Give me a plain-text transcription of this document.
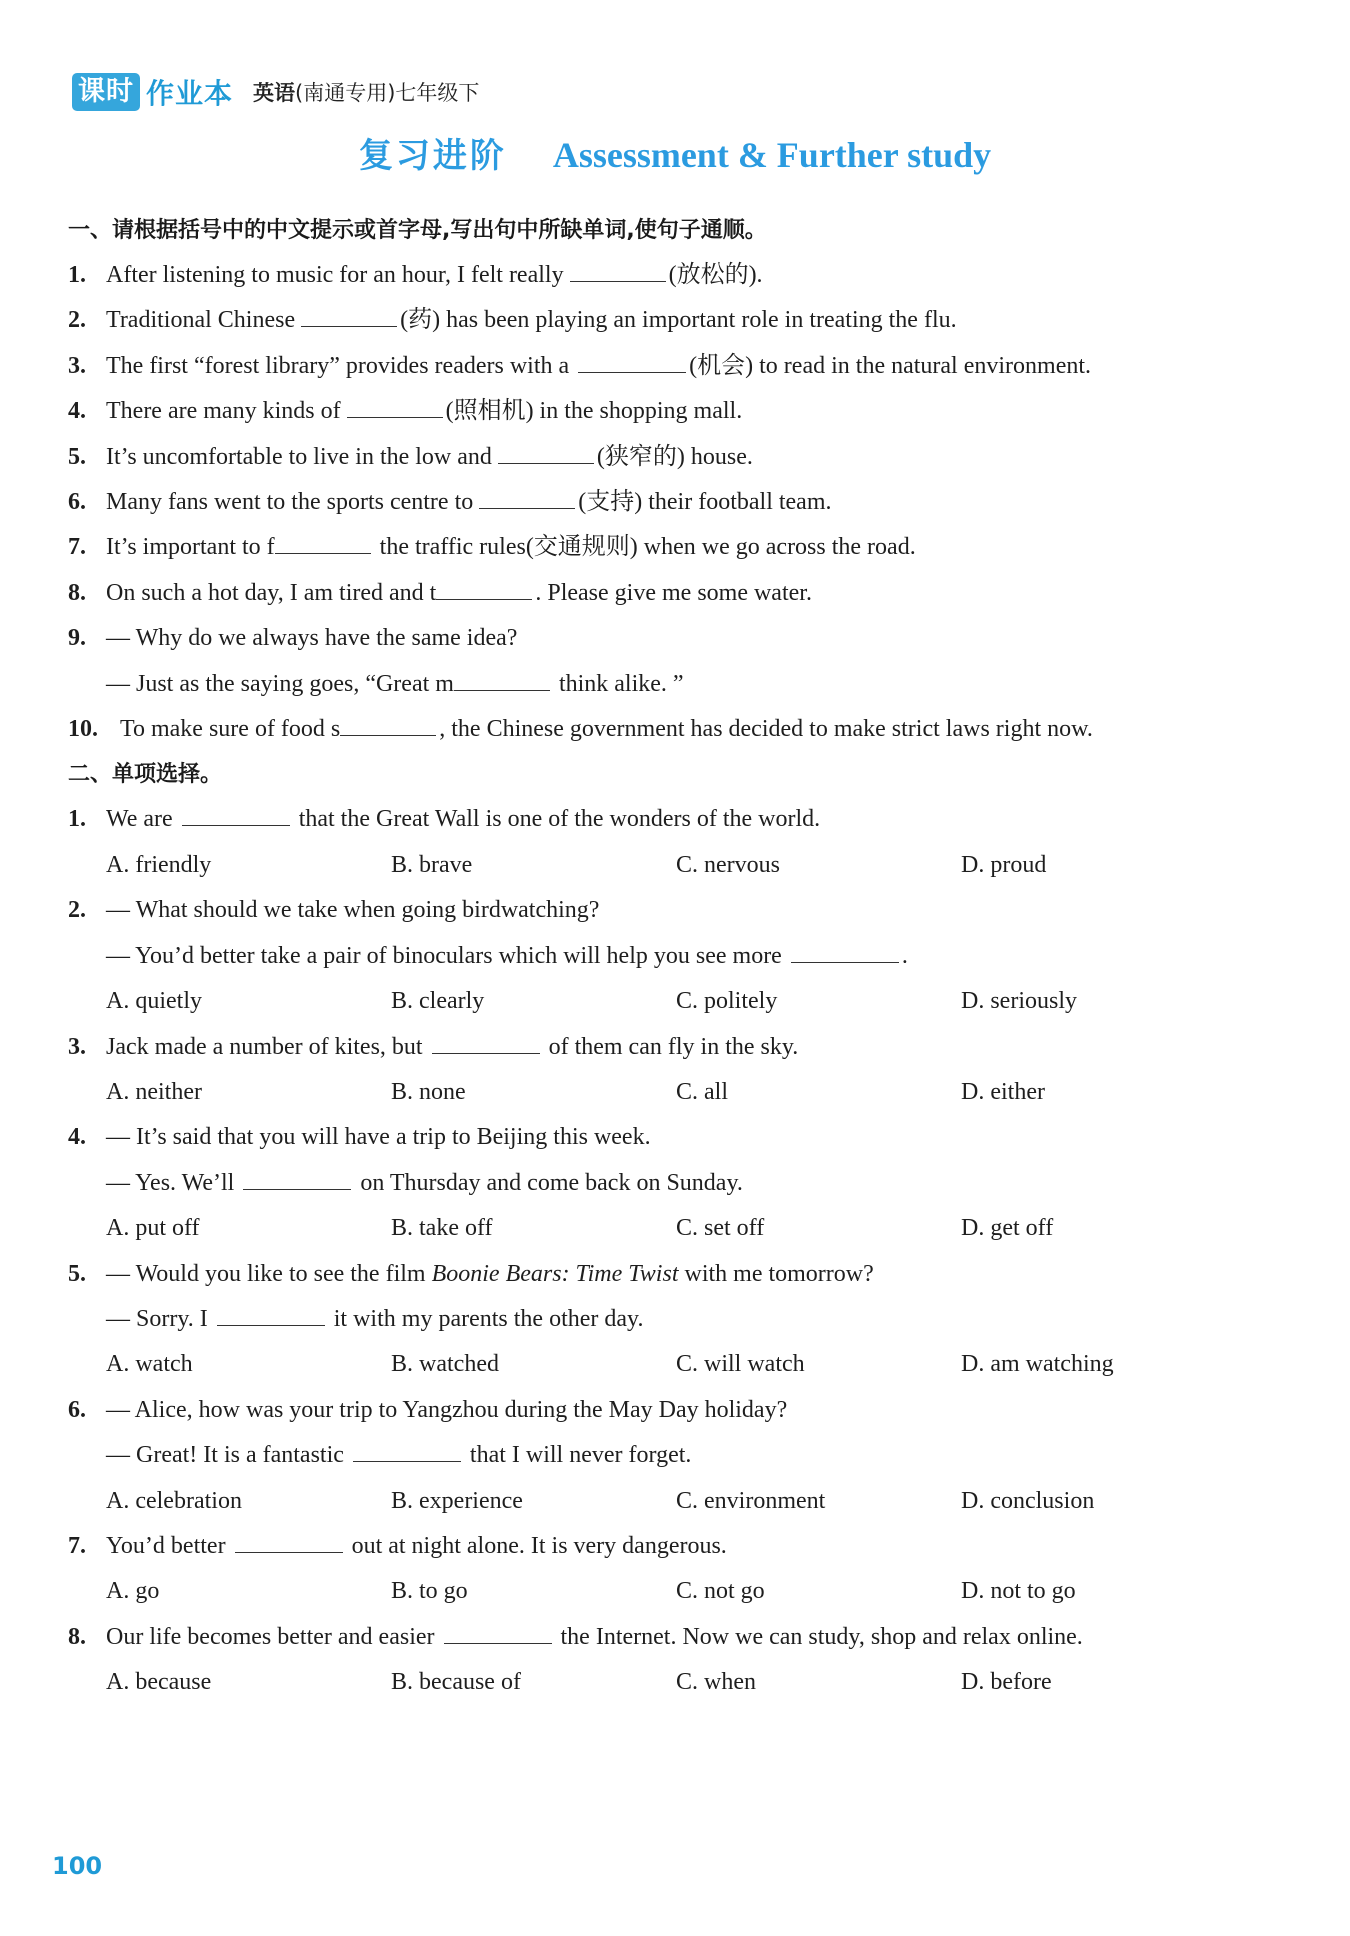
课时 作业本 英语(南通专用)七年级下
复习进阶 Assessment & Further study
一、请根据括号中的中文提示或首字母,写出句中所缺单词,使句子通顺。
1. After listening to music for an hour, I felt really	(放松的).
2. Traditional Chinese	(药) has been playing an important role in treating the flu.
3. The first “forest library” provides readers with a	(机会) to read in the natural environment.
4. There are many kinds of	(照相机) in the shopping mall.
5. It’s uncomfortable to live in the low and	(狭窄的) house.
6. Many fans went to the sports centre to	(支持) their football team.
7. It’s important to f	the traffic rules(交通规则) when we go across the road.
8. On such a hot day, I am tired and t	. Please give me some water.
9. — Why do we always have the same idea?
— Just as the saying goes, “Great m	think alike. ”
10. To make sure of food s	, the Chinese government has decided to make strict laws right now.
二、单项选择。
1. We are	that the Great Wall is one of the wonders of the world.
A. friendly	B. brave	C. nervous	D. proud
2. — What should we take when going birdwatching?
— You’d better take a pair of binoculars which will help you see more	.
A. quietly	B. clearly	C. politely	D. seriously
3. Jack made a number of kites, but	of them can fly in the sky.
A. neither	B. none	C. all	D. either
4. — It’s said that you will have a trip to Beijing this week.
— Yes. We’ll	on Thursday and come back on Sunday.
A. put off	B. take off	C. set off	D. get off
5. — Would you like to see the film Boonie Bears: Time Twist with me tomorrow?
— Sorry. I	it with my parents the other day.
A. watch	B. watched	C. will watch	D. am watching
6. — Alice, how was your trip to Yangzhou during the May Day holiday?
— Great! It is a fantastic	that I will never forget.
A. celebration	B. experience	C. environment	D. conclusion
7. You’d better	out at night alone. It is very dangerous.
A. go	B. to go	C. not go	D. not to go
8. Our life becomes better and easier	the Internet. Now we can study, shop and relax online.
A. because	B. because of	C. when	D. before
100
